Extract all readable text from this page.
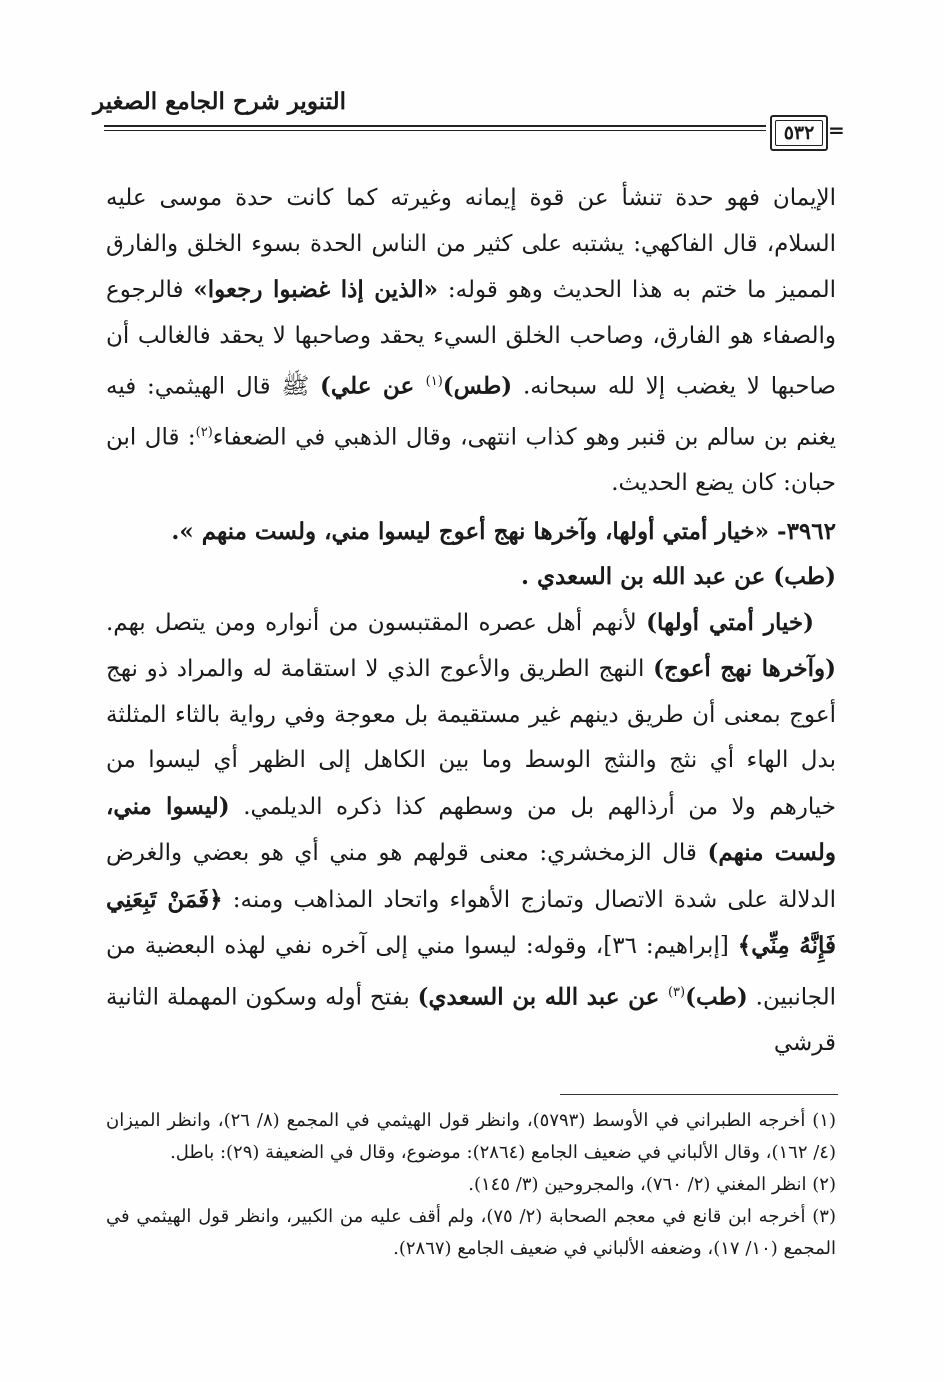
التنوير شرح الجامع الصغير
٥٣٢ =

الإيمان فهو حدة تنشأ عن قوة إيمانه وغيرته كما كانت حدة موسى عليه السلام، قال الفاكهي: يشتبه على كثير من الناس الحدة بسوء الخلق والفارق المميز ما ختم به هذا الحديث وهو قوله: «الذين إذا غضبوا رجعوا» فالرجوع والصفاء هو الفارق، وصاحب الخلق السيء يحقد وصاحبها لا يحقد فالغالب أن صاحبها لا يغضب إلا لله سبحانه. (طس)$^{(١)}$ عن علي) ﷺ قال الهيثمي: فيه يغنم بن سالم بن قنبر وهو كذاب انتهى، وقال الذهبي في الضعفاء$^{(٢)}$: قال ابن حبان: كان يضع الحديث.

٣٩٦٢- «خيار أمتي أولها، وآخرها نهج أعوج ليسوا مني، ولست منهم ».

(طب) عن عبد الله بن السعدي .

(خيار أمتي أولها) لأنهم أهل عصره المقتبسون من أنواره ومن يتصل بهم. (وآخرها نهج أعوج) النهج الطريق والأعوج الذي لا استقامة له والمراد ذو نهج أعوج بمعنى أن طريق دينهم غير مستقيمة بل معوجة وفي رواية بالثاء المثلثة بدل الهاء أي نثج والنثج الوسط وما بين الكاهل إلى الظهر أي ليسوا من خيارهم ولا من أرذالهم بل من وسطهم كذا ذكره الديلمي. (ليسوا مني، ولست منهم) قال الزمخشري: معنى قولهم هو مني أي هو بعضي والغرض الدلالة على شدة الاتصال وتمازج الأهواء واتحاد المذاهب ومنه: ﴿فَمَنْ تَبِعَنِي فَإِنَّهُ مِنِّي﴾ [إبراهيم: ٣٦]، وقوله: ليسوا مني إلى آخره نفي لهذه البعضية من الجانبين. (طب)$^{(٣)}$ عن عبد الله بن السعدي) بفتح أوله وسكون المهملة الثانية قرشي

(١) أخرجه الطبراني في الأوسط (٥٧٩٣)، وانظر قول الهيثمي في المجمع (٨/ ٢٦)، وانظر الميزان (٤/ ١٦٢)، وقال الألباني في ضعيف الجامع (٢٨٦٤): موضوع، وقال في الضعيفة (٢٩): باطل.

(٢) انظر المغني (٢/ ٧٦٠)، والمجروحين (٣/ ١٤٥).

(٣) أخرجه ابن قانع في معجم الصحابة (٢/ ٧٥)، ولم أقف عليه من الكبير، وانظر قول الهيثمي في المجمع (١٠/ ١٧)، وضعفه الألباني في ضعيف الجامع (٢٨٦٧).
